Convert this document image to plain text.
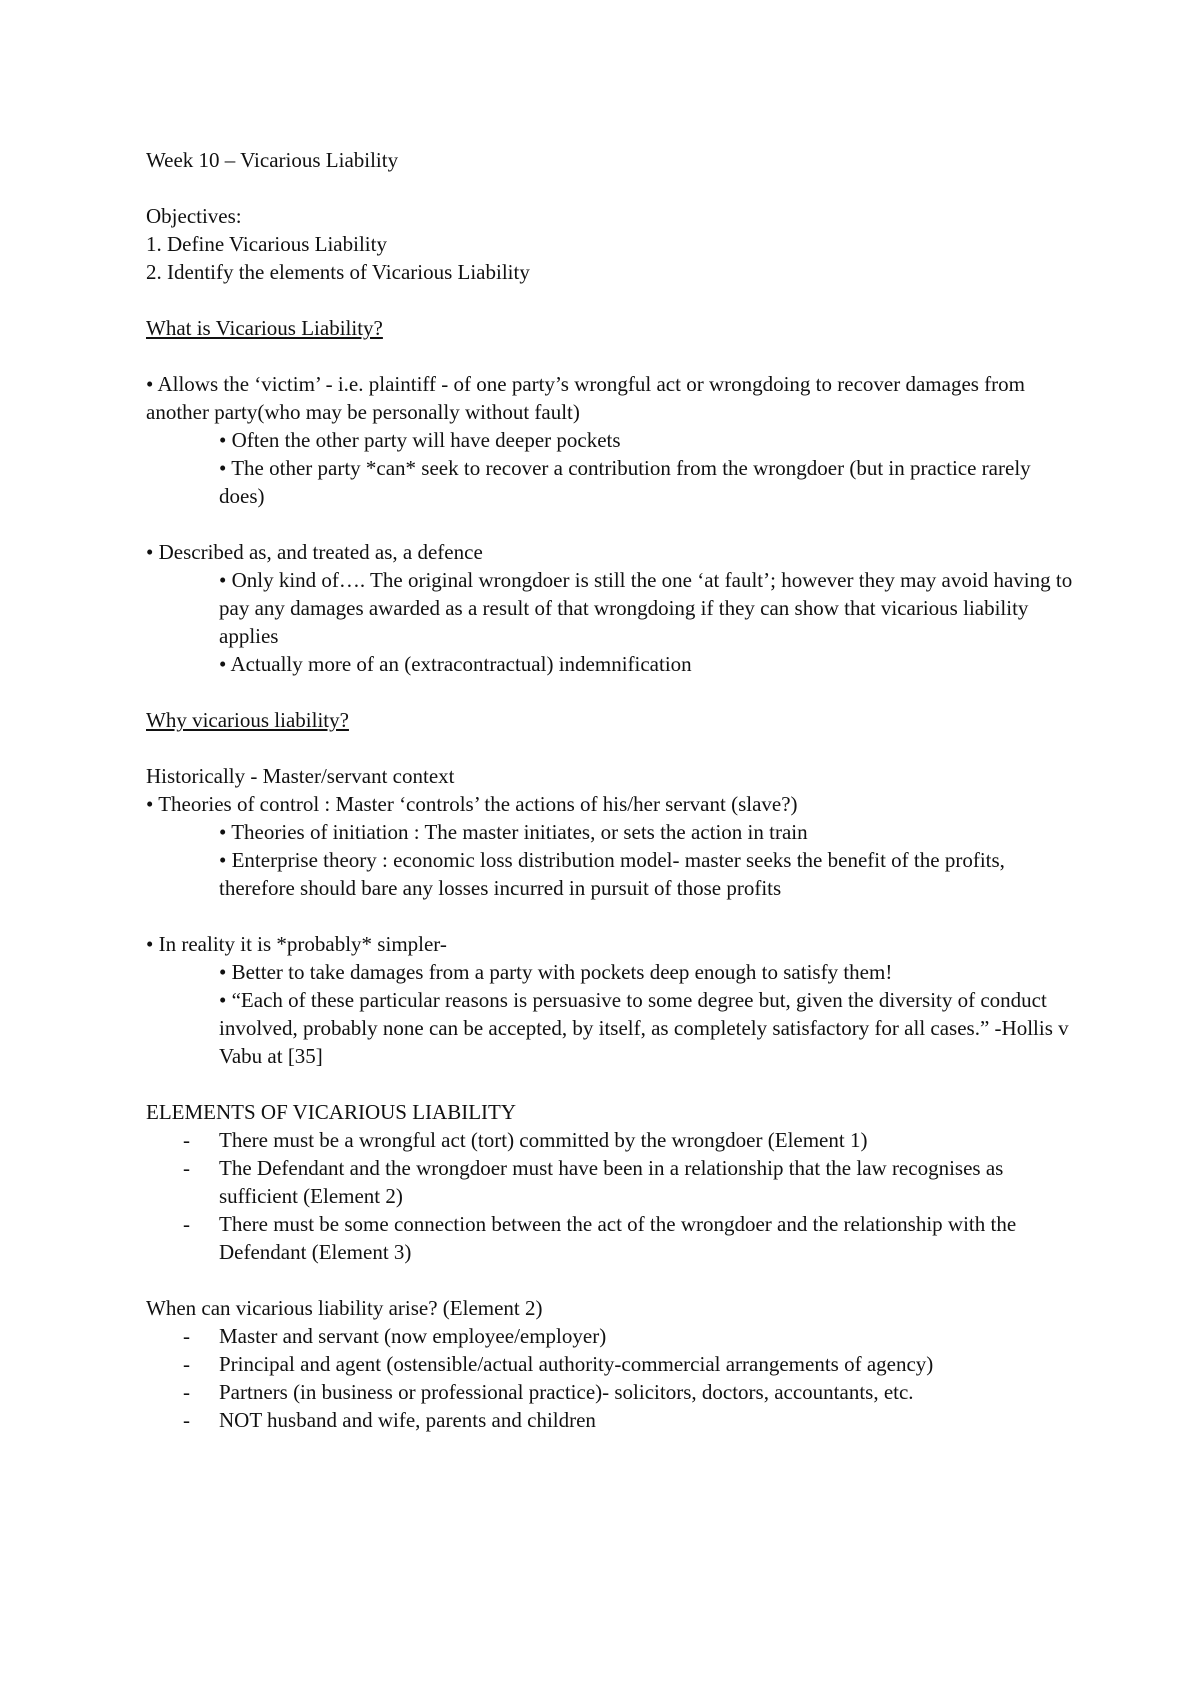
Week 10 – Vicarious Liability

Objectives:

1. Define Vicarious Liability

2. Identify the elements of Vicarious Liability

What is Vicarious Liability?

• Allows the ‘victim’ - i.e. plaintiff - of one party’s wrongful act or wrongdoing to recover damages from another party(who may be personally without fault)

• Often the other party will have deeper pockets

• The other party *can* seek to recover a contribution from the wrongdoer (but in practice rarely does)

• Described as, and treated as, a defence

• Only kind of…. The original wrongdoer is still the one ‘at fault’; however they may avoid having to pay any damages awarded as a result of that wrongdoing if they can show that vicarious liability applies

• Actually more of an (extracontractual) indemnification

Why vicarious liability?

Historically - Master/servant context

• Theories of control : Master ‘controls’ the actions of his/her servant (slave?)

• Theories of initiation : The master initiates, or sets the action in train

• Enterprise theory : economic loss distribution model- master seeks the benefit of the profits, therefore should bare any losses incurred in pursuit of those profits

• In reality it is *probably* simpler-

• Better to take damages from a party with pockets deep enough to satisfy them!

• “Each of these particular reasons is persuasive to some degree but, given the diversity of conduct involved, probably none can be accepted, by itself, as completely satisfactory for all cases.” -Hollis v Vabu at [35]

ELEMENTS OF VICARIOUS LIABILITY

- There must be a wrongful act (tort) committed by the wrongdoer (Element 1)
- The Defendant and the wrongdoer must have been in a relationship that the law recognises as sufficient (Element 2)
- There must be some connection between the act of the wrongdoer and the relationship with the Defendant (Element 3)

When can vicarious liability arise? (Element 2)

- Master and servant (now employee/employer)
- Principal and agent (ostensible/actual authority-commercial arrangements of agency)
- Partners (in business or professional practice)- solicitors, doctors, accountants, etc.
- NOT husband and wife, parents and children
